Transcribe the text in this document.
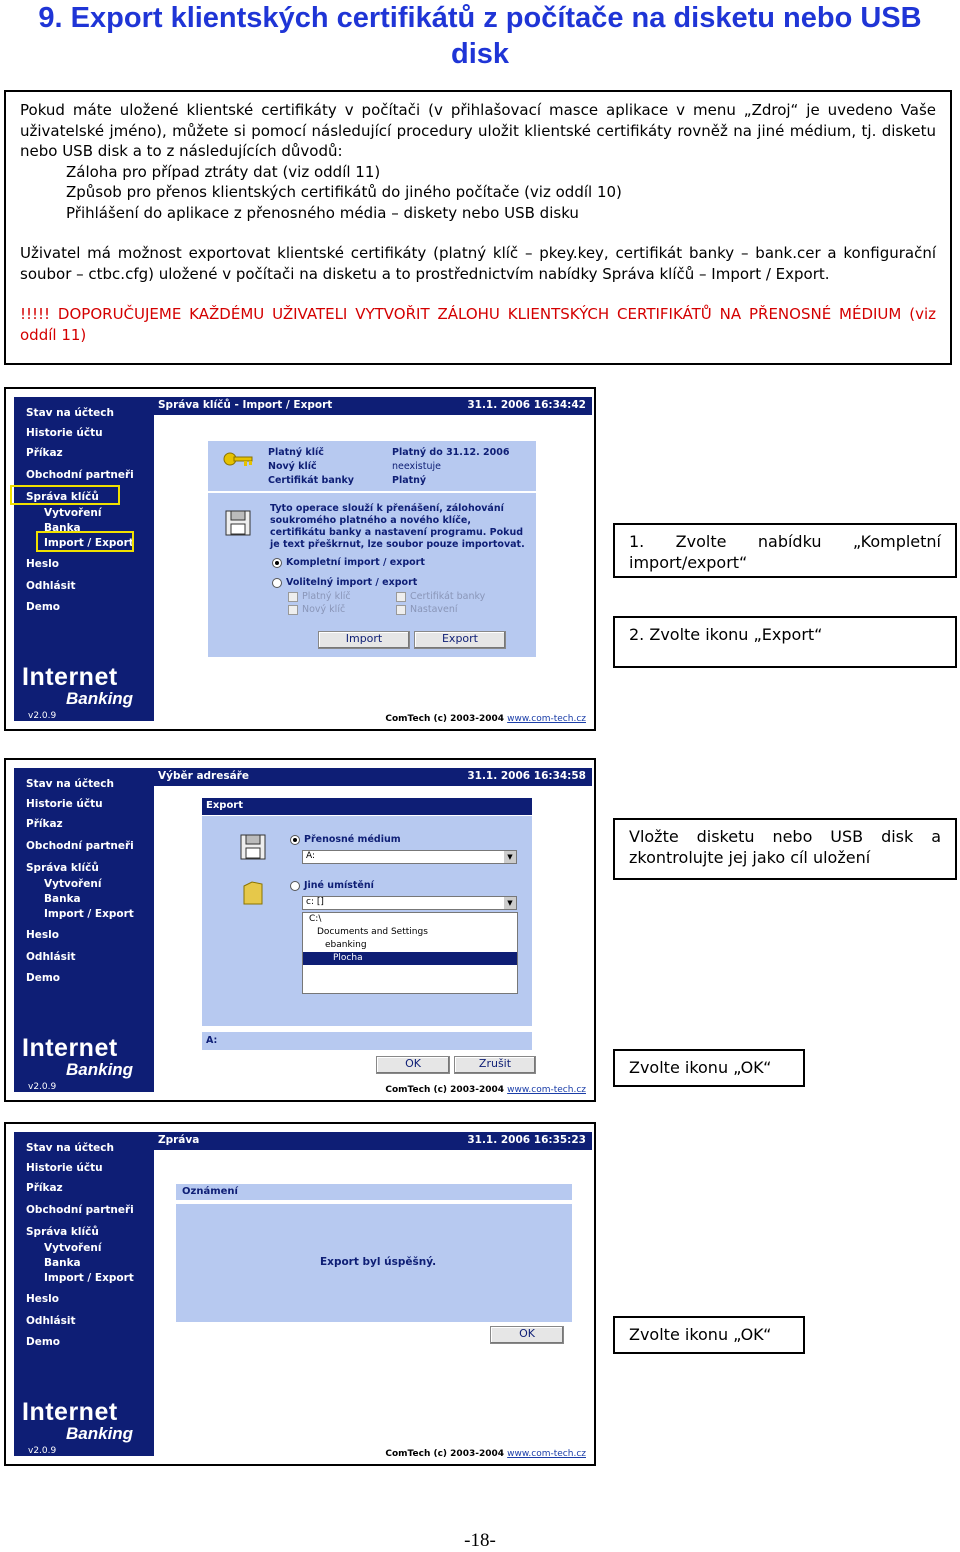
9. Export klientských certifikátů z počítače na disketu nebo USB
disk

Pokud máte uložené klientské certifikáty v počítači (v přihlašovací masce aplikace v menu „Zdroj“ je uvedeno Vaše uživatelské jméno), můžete si pomocí následující procedury uložit klientské certifikáty rovněž na jiné médium, tj. disketu nebo USB disk a to z následujících důvodů:

Záloha pro případ ztráty dat (viz oddíl 11)
Způsob pro přenos klientských certifikátů do jiného počítače (viz oddíl 10)
Přihlášení do aplikace z přenosného média – diskety nebo USB disku

Uživatel má možnost exportovat klientské certifikáty (platný klíč – pkey.key, certifikát banky – bank.cer a konfigurační soubor – ctbc.cfg) uložené v počítači na disketu a to prostřednictvím nabídky Správa klíčů – Import / Export.

!!!!! DOPORUČUJEME KAŽDÉMU UŽIVATELI VYTVOŘIT ZÁLOHU KLIENTSKÝCH CERTIFIKÁTŮ NA PŘENOSNÉ MÉDIUM (viz oddíl 11)

Stav na účtech
Historie účtu
Příkaz
Obchodní partneři
Správa klíčů
Vytvoření
Banka
Import / Export
Heslo
Odhlásit
Demo
Internet
Banking
v2.0.9
Správa klíčů - Import / Export	31.1. 2006 16:34:42
Platný klíč	Platný do 31.12. 2006
Nový klíč	neexistuje
Certifikát banky	Platný
Tyto operace slouží k přenášení, zálohování soukromého platného a nového klíče, certifikátu banky a nastavení programu. Pokud je text přeškrnut, lze soubor pouze importovat.
Kompletní import / export
Volitelný import / export
Platný klíč	Certifikát banky
Nový klíč	Nastavení
Import	Export
ComTech (c) 2003-2004 www.com-tech.cz
Stav na účtech
Historie účtu
Příkaz
Obchodní partneři
Správa klíčů
Vytvoření
Banka
Import / Export
Heslo
Odhlásit
Demo
Internet
Banking
v2.0.9
Výběr adresáře	31.1. 2006 16:34:58
Export
Přenosné médium
A:	▼
Jiné umístění
c: []	▼
C:\
Documents and Settings
ebanking
Plocha
A:
OK	Zrušit
ComTech (c) 2003-2004 www.com-tech.cz
Stav na účtech
Historie účtu
Příkaz
Obchodní partneři
Správa klíčů
Vytvoření
Banka
Import / Export
Heslo
Odhlásit
Demo
Internet
Banking
v2.0.9
Zpráva	31.1. 2006 16:35:23
Oznámení
Export byl úspěšný.
OK
ComTech (c) 2003-2004 www.com-tech.cz
1. Zvolte nabídku „Kompletní import/export“
2. Zvolte ikonu „Export“
Vložte disketu nebo USB disk a zkontrolujte jej jako cíl uložení
Zvolte ikonu „OK“
Zvolte ikonu „OK“
-18-
